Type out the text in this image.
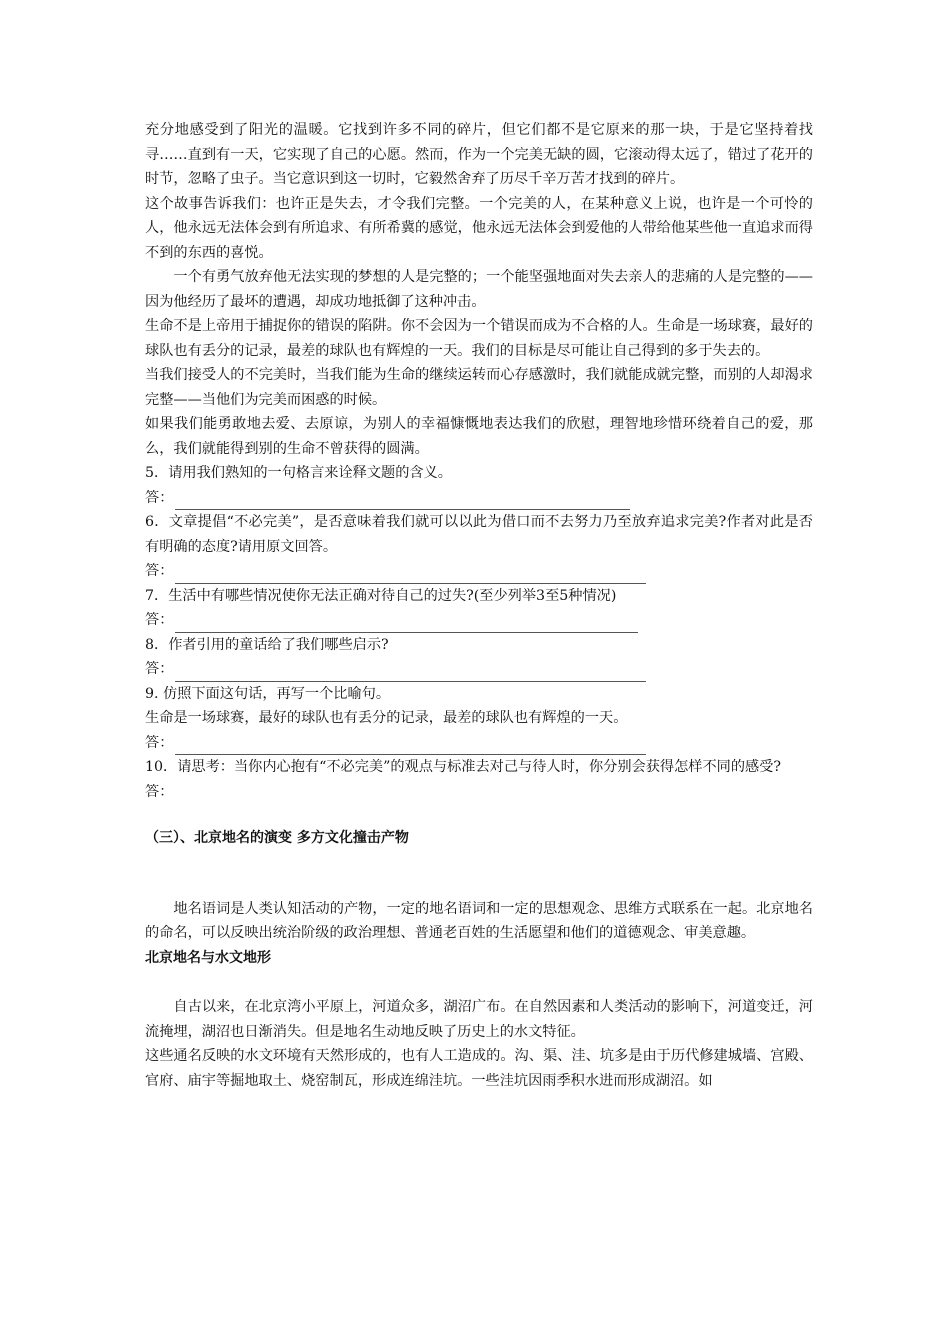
充分地感受到了阳光的温暖。它找到许多不同的碎片，但它们都不是它原来的那一块，于是它坚持着找寻……直到有一天，它实现了自己的心愿。然而，作为一个完美无缺的圆，它滚动得太远了，错过了花开的时节，忽略了虫子。当它意识到这一切时，它毅然舍弃了历尽千辛万苦才找到的碎片。

这个故事告诉我们：也许正是失去，才令我们完整。一个完美的人，在某种意义上说，也许是一个可怜的人，他永远无法体会到有所追求、有所希冀的感觉，他永远无法体会到爱他的人带给他某些他一直追求而得不到的东西的喜悦。

一个有勇气放弃他无法实现的梦想的人是完整的；一个能坚强地面对失去亲人的悲痛的人是完整的——因为他经历了最坏的遭遇，却成功地抵御了这种冲击。

生命不是上帝用于捕捉你的错误的陷阱。你不会因为一个错误而成为不合格的人。生命是一场球赛，最好的球队也有丢分的记录，最差的球队也有辉煌的一天。我们的目标是尽可能让自己得到的多于失去的。

当我们接受人的不完美时，当我们能为生命的继续运转而心存感激时，我们就能成就完整，而别的人却渴求完整——当他们为完美而困惑的时候。

如果我们能勇敢地去爱、去原谅，为别人的幸福慷慨地表达我们的欣慰，理智地珍惜环绕着自己的爱，那么，我们就能得到别的生命不曾获得的圆满。

5．请用我们熟知的一句格言来诠释文题的含义。

答：

6．文章提倡“不必完美”，是否意味着我们就可以以此为借口而不去努力乃至放弃追求完美?作者对此是否有明确的态度?请用原文回答。

答：

7．生活中有哪些情况使你无法正确对待自己的过失?(至少列举3至5种情况)

答：

8．作者引用的童话给了我们哪些启示?

答：

9. 仿照下面这句话，再写一个比喻句。

生命是一场球赛，最好的球队也有丢分的记录，最差的球队也有辉煌的一天。

答：

10．请思考：当你内心抱有“不必完美”的观点与标准去对己与待人时，你分别会获得怎样不同的感受?

答：

（三）、北京地名的演变 多方文化撞击产物

地名语词是人类认知活动的产物，一定的地名语词和一定的思想观念、思维方式联系在一起。北京地名的命名，可以反映出统治阶级的政治理想、普通老百姓的生活愿望和他们的道德观念、审美意趣。

北京地名与水文地形

自古以来，在北京湾小平原上，河道众多，湖沼广布。在自然因素和人类活动的影响下，河道变迁，河流掩埋，湖沼也日渐消失。但是地名生动地反映了历史上的水文特征。

这些通名反映的水文环境有天然形成的，也有人工造成的。沟、渠、洼、坑多是由于历代修建城墙、宫殿、官府、庙宇等掘地取土、烧窑制瓦，形成连绵洼坑。一些洼坑因雨季积水进而形成湖沼。如
